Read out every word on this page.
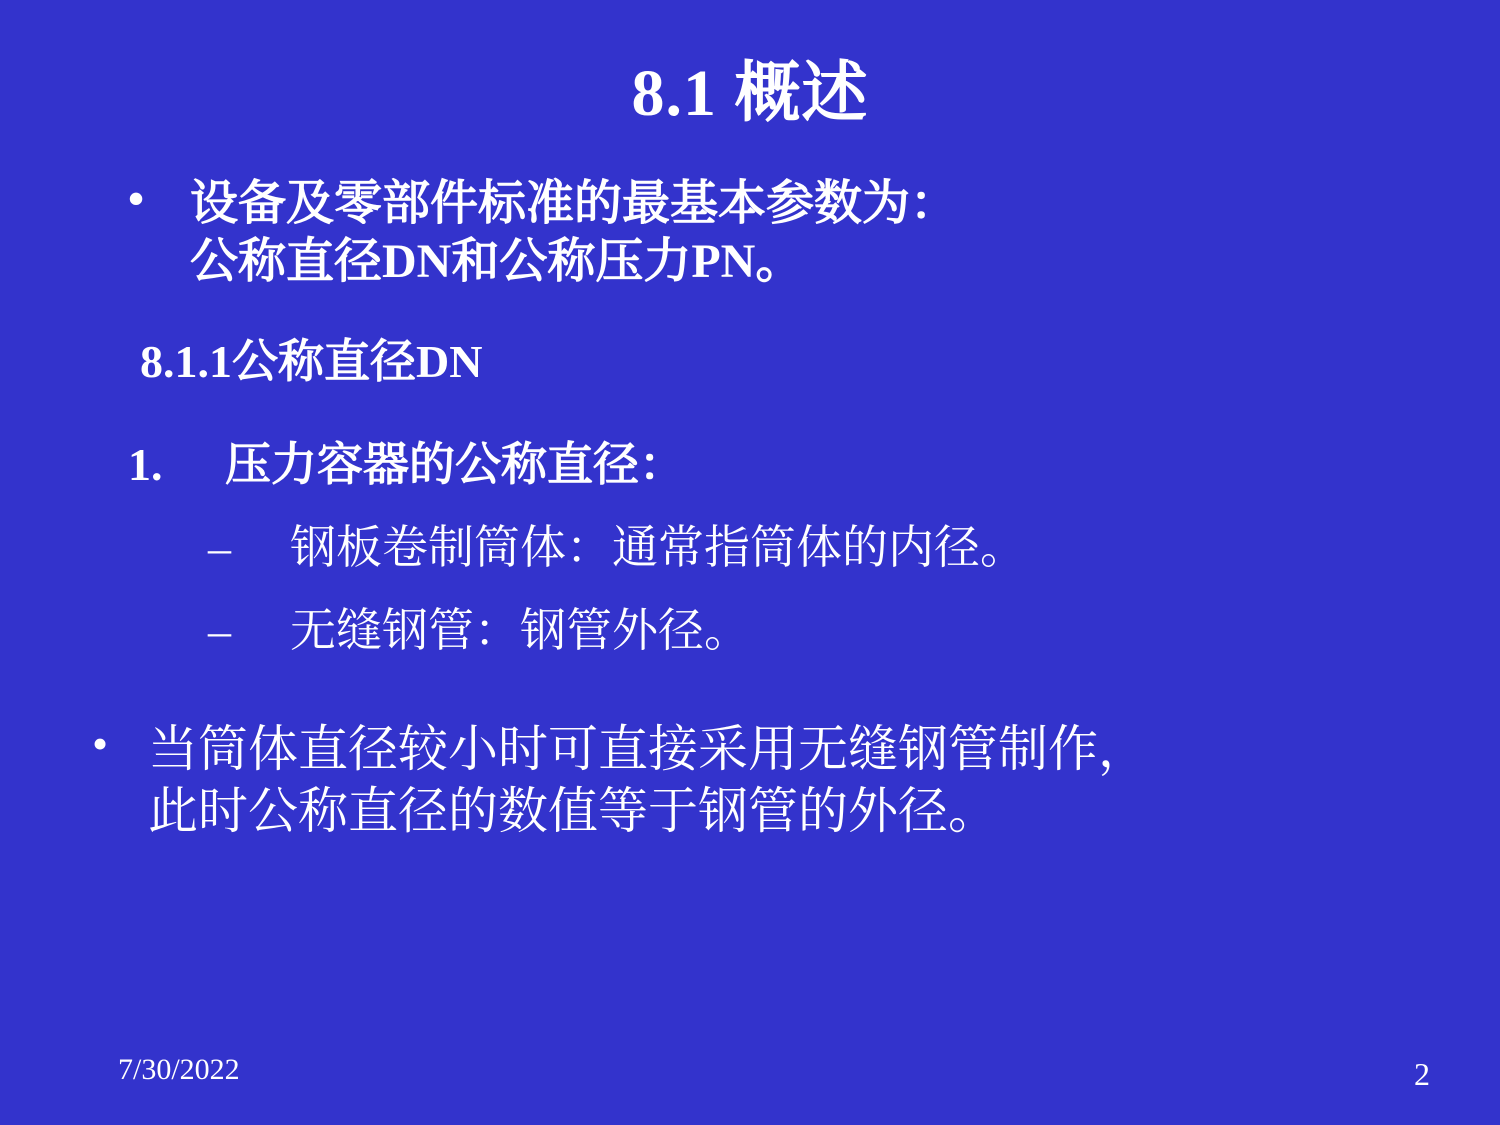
8.1 概述
• 设备及零部件标准的最基本参数为：
公称直径DN和公称压力PN。
8.1.1公称直径DN
1. 压力容器的公称直径：
– 钢板卷制筒体：通常指筒体的内径。
– 无缝钢管：钢管外径。
• 当筒体直径较小时可直接采用无缝钢管制作，
此时公称直径的数值等于钢管的外径。
7/30/2022	2
